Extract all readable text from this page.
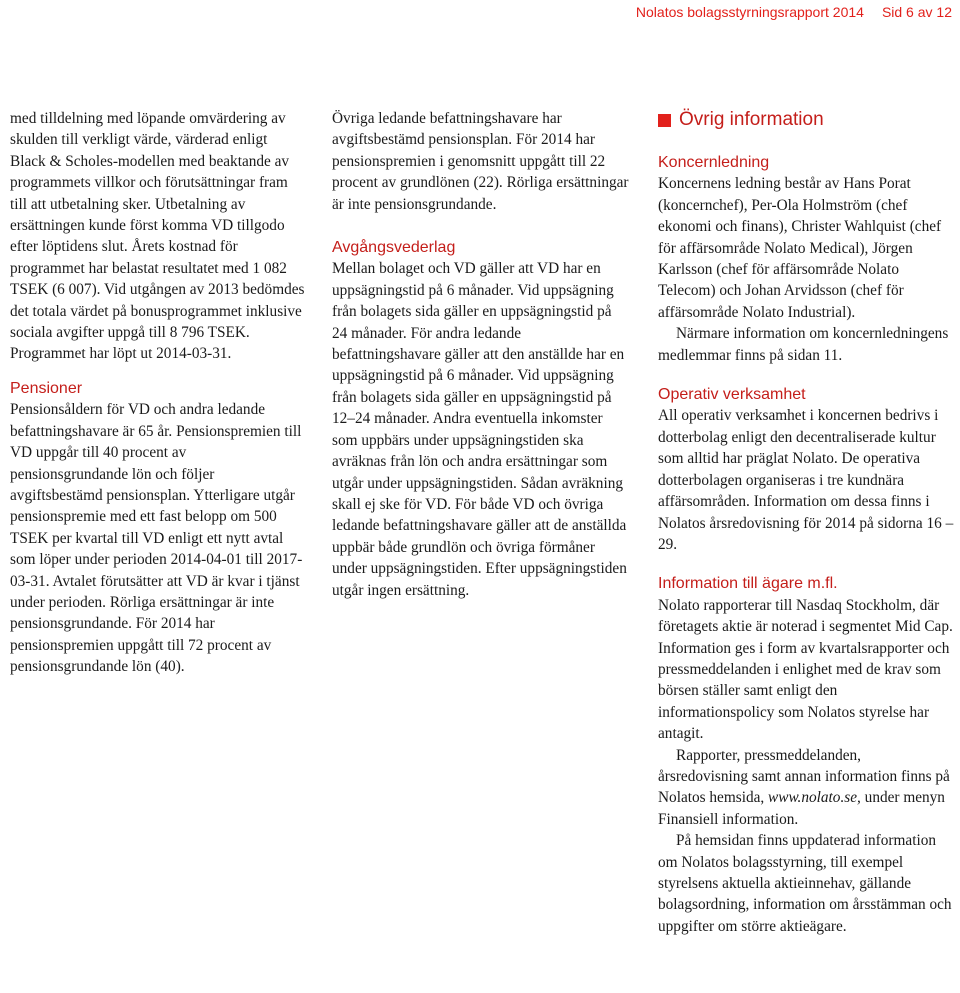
Nolatos bolagsstyrningsrapport 2014 Sid 6 av 12

med tilldelning med löpande omvärdering av skulden till verkligt värde, värderad enligt Black & Scholes-modellen med beaktande av programmets villkor och förutsättningar fram till att utbetalning sker. Utbetalning av ersättningen kunde först komma VD tillgodo efter löptidens slut. Årets kostnad för programmet har belastat resultatet med 1 082 TSEK (6 007). Vid utgången av 2013 bedömdes det totala värdet på bonusprogrammet inklusive sociala avgifter uppgå till 8 796 TSEK. Programmet har löpt ut 2014-03-31.

Pensioner

Pensionsåldern för VD och andra ledande befattningshavare är 65 år. Pensionspremien till VD uppgår till 40 procent av pensionsgrundande lön och följer avgiftsbestämd pensionsplan. Ytterligare utgår pensionspremie med ett fast belopp om 500 TSEK per kvartal till VD enligt ett nytt avtal som löper under perioden 2014-04-01 till 2017-03-31. Avtalet förutsätter att VD är kvar i tjänst under perioden. Rörliga ersättningar är inte pensionsgrundande. För 2014 har pensionspremien uppgått till 72 procent av pensionsgrundande lön (40).

Övriga ledande befattningshavare har avgiftsbestämd pensionsplan. För 2014 har pensionspremien i genomsnitt uppgått till 22 procent av grundlönen (22). Rörliga ersättningar är inte pensionsgrundande.

Avgångsvederlag

Mellan bolaget och VD gäller att VD har en uppsägningstid på 6 månader. Vid uppsägning från bolagets sida gäller en uppsägningstid på 24 månader. För andra ledande befattningshavare gäller att den anställde har en uppsägningstid på 6 månader. Vid uppsägning från bolagets sida gäller en uppsägningstid på 12–24 månader. Andra eventuella inkomster som uppbärs under uppsägningstiden ska avräknas från lön och andra ersättningar som utgår under uppsägningstiden. Sådan avräkning skall ej ske för VD. För både VD och övriga ledande befattningshavare gäller att de anställda uppbär både grundlön och övriga förmåner under uppsägningstiden. Efter uppsägningstiden utgår ingen ersättning.

Övrig information
Koncernledning

Koncernens ledning består av Hans Porat (koncernchef), Per-Ola Holmström (chef ekonomi och finans), Christer Wahlquist (chef för affärsområde Nolato Medical), Jörgen Karlsson (chef för affärsområde Nolato Telecom) och Johan Arvidsson (chef för affärsområde Nolato Industrial).

Närmare information om koncernledningens medlemmar finns på sidan 11.

Operativ verksamhet

All operativ verksamhet i koncernen bedrivs i dotterbolag enligt den decentraliserade kultur som alltid har präglat Nolato. De operativa dotterbolagen organiseras i tre kundnära affärsområden. Information om dessa finns i Nolatos årsredovisning för 2014 på sidorna 16 – 29.

Information till ägare m.fl.

Nolato rapporterar till Nasdaq Stockholm, där företagets aktie är noterad i segmentet Mid Cap. Information ges i form av kvartalsrapporter och pressmeddelanden i enlighet med de krav som börsen ställer samt enligt den informationspolicy som Nolatos styrelse har antagit.

Rapporter, pressmeddelanden, årsredovisning samt annan information finns på Nolatos hemsida, www.nolato.se, under menyn Finansiell information.

På hemsidan finns uppdaterad information om Nolatos bolagsstyrning, till exempel styrelsens aktuella aktieinnehav, gällande bolagsordning, information om årsstämman och uppgifter om större aktieägare.
